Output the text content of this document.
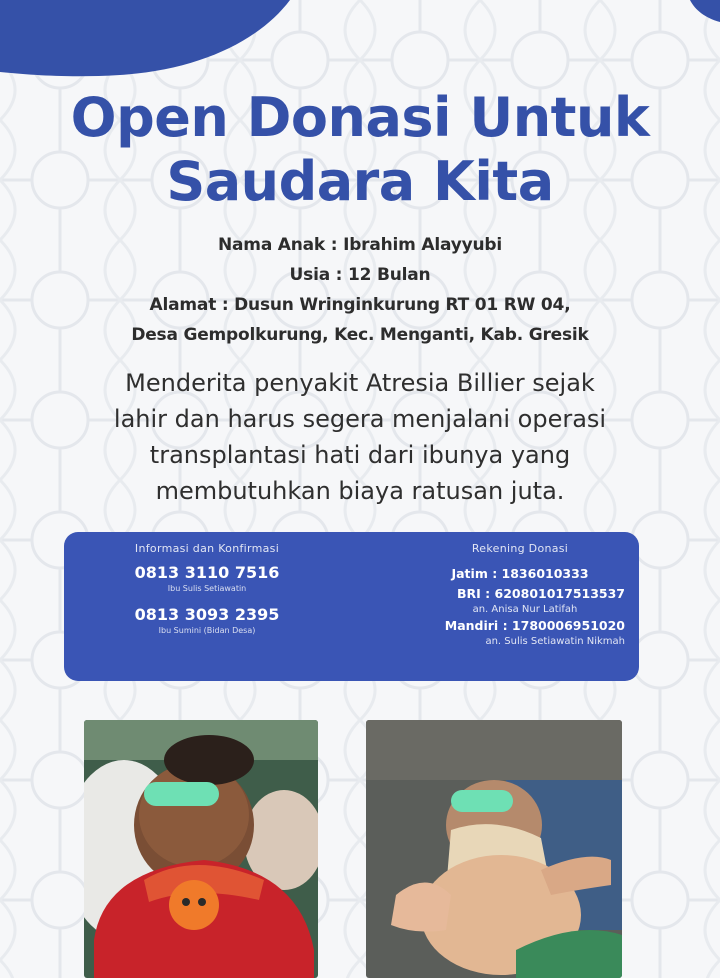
Open Donasi Untuk
Saudara Kita
Nama Anak : Ibrahim Alayyubi
Usia : 12 Bulan
Alamat : Dusun Wringinkurung RT 01 RW 04,
Desa Gempolkurung, Kec. Menganti, Kab. Gresik
Menderita penyakit Atresia Billier sejak
lahir dan harus segera menjalani operasi
transplantasi hati dari ibunya yang
membutuhkan biaya ratusan juta.
Informasi dan Konfirmasi
0813 3110 7516
Ibu Sulis Setiawatin
0813 3093 2395
Ibu Sumini (Bidan Desa)
Rekening Donasi
Jatim : 1836010333
BRI : 620801017513537
an. Anisa Nur Latifah
Mandiri : 1780006951020
an. Sulis Setiawatin Nikmah
